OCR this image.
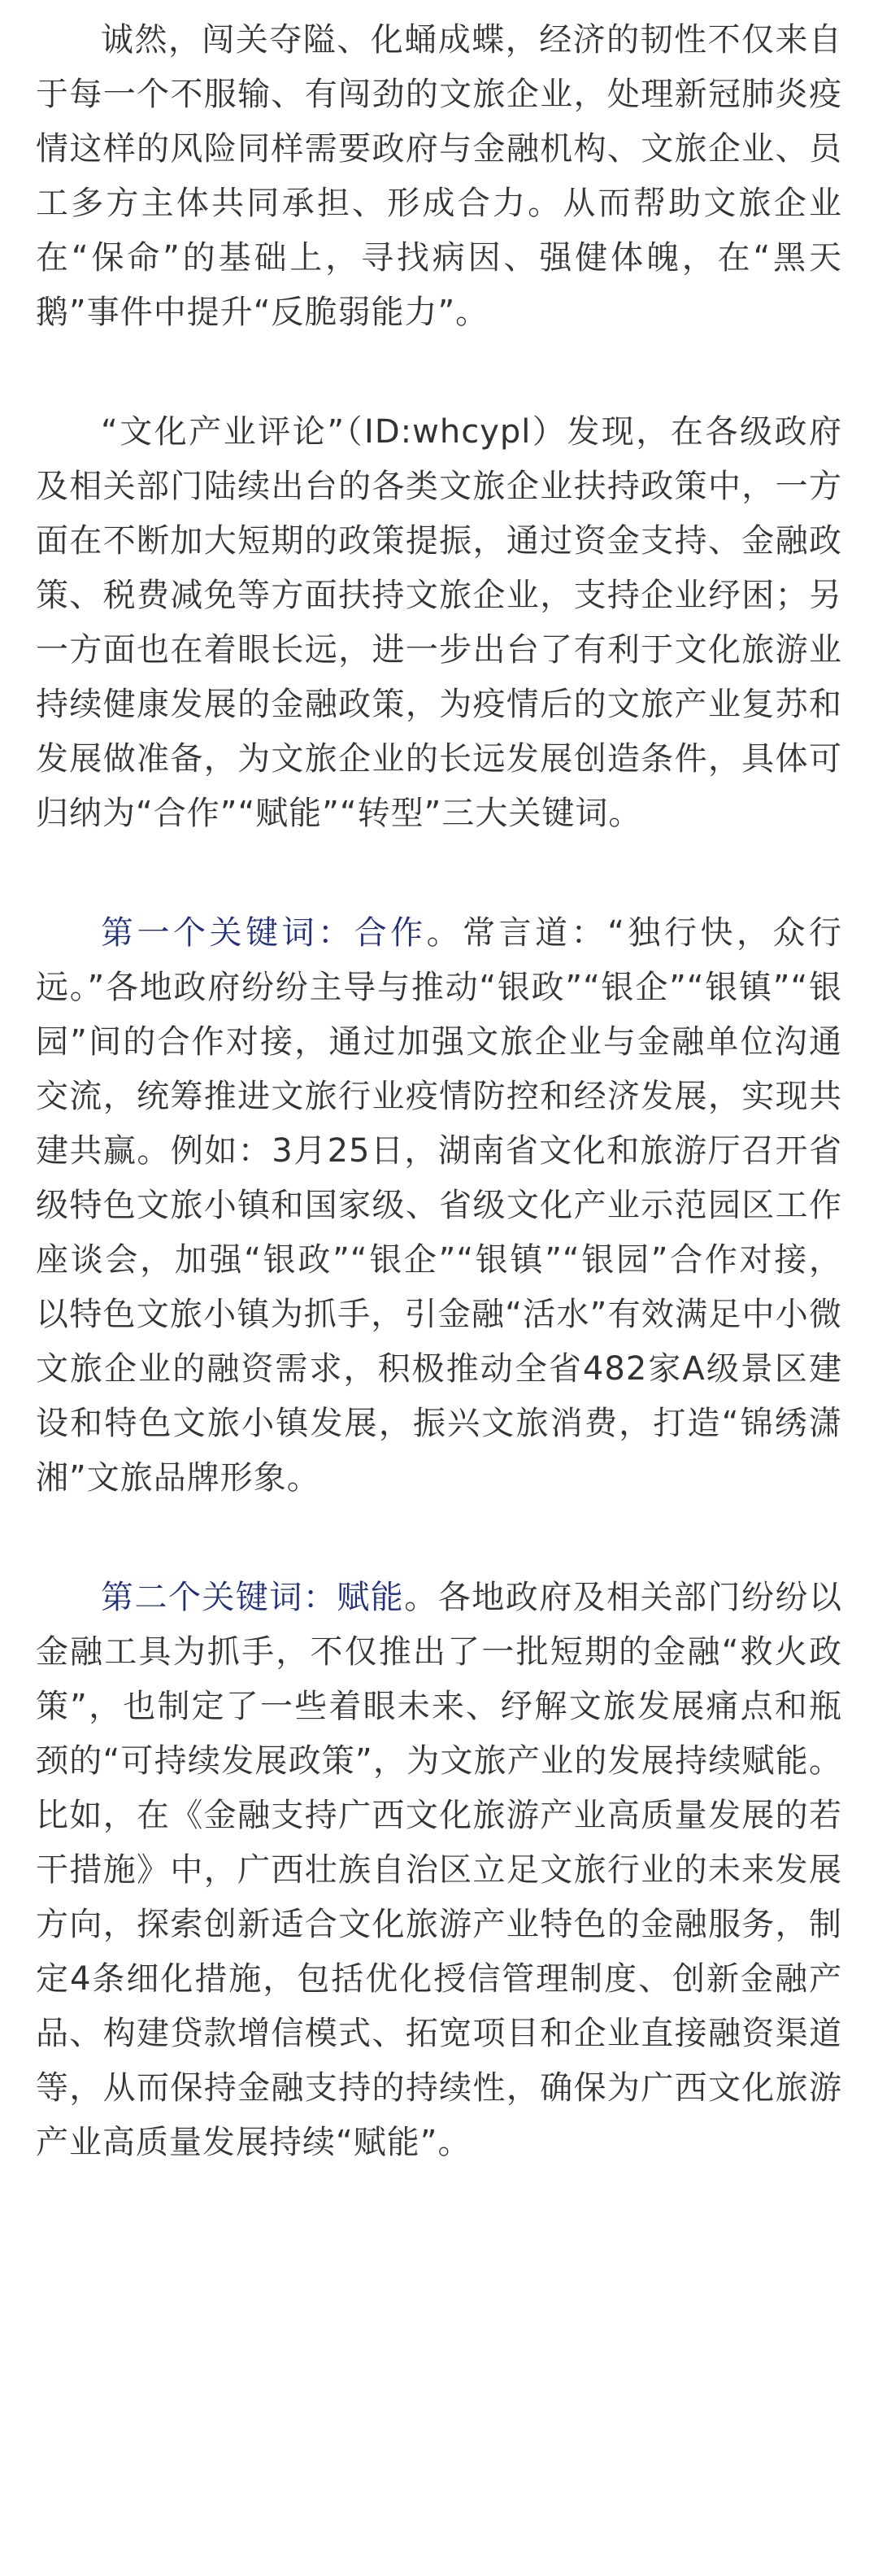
诚然，闯关夺隘、化蛹成蝶，经济的韧性不仅来自于每一个不服输、有闯劲的文旅企业，处理新冠肺炎疫情这样的风险同样需要政府与金融机构、文旅企业、员工多方主体共同承担、形成合力。从而帮助文旅企业在“保命”的基础上，寻找病因、强健体魄，在“黑天鹅”事件中提升“反脆弱能力”。

“文化产业评论”（ID:whcypl）发现，在各级政府及相关部门陆续出台的各类文旅企业扶持政策中，一方面在不断加大短期的政策提振，通过资金支持、金融政策、税费减免等方面扶持文旅企业，支持企业纾困；另一方面也在着眼长远，进一步出台了有利于文化旅游业持续健康发展的金融政策，为疫情后的文旅产业复苏和发展做准备，为文旅企业的长远发展创造条件，具体可归纳为“合作”“赋能”“转型”三大关键词。

第一个关键词：合作。常言道：“独行快，众行远。”各地政府纷纷主导与推动“银政”“银企”“银镇”“银园”间的合作对接，通过加强文旅企业与金融单位沟通交流，统筹推进文旅行业疫情防控和经济发展，实现共建共赢。例如：3月25日，湖南省文化和旅游厅召开省级特色文旅小镇和国家级、省级文化产业示范园区工作座谈会，加强“银政”“银企”“银镇”“银园”合作对接，以特色文旅小镇为抓手，引金融“活水”有效满足中小微文旅企业的融资需求，积极推动全省482家A级景区建设和特色文旅小镇发展，振兴文旅消费，打造“锦绣潇湘”文旅品牌形象。

第二个关键词：赋能。各地政府及相关部门纷纷以金融工具为抓手，不仅推出了一批短期的金融“救火政策”，也制定了一些着眼未来、纾解文旅发展痛点和瓶颈的“可持续发展政策”，为文旅产业的发展持续赋能。比如，在《金融支持广西文化旅游产业高质量发展的若干措施》中，广西壮族自治区立足文旅行业的未来发展方向，探索创新适合文化旅游产业特色的金融服务，制定4条细化措施，包括优化授信管理制度、创新金融产品、构建贷款增信模式、拓宽项目和企业直接融资渠道等，从而保持金融支持的持续性，确保为广西文化旅游产业高质量发展持续“赋能”。
